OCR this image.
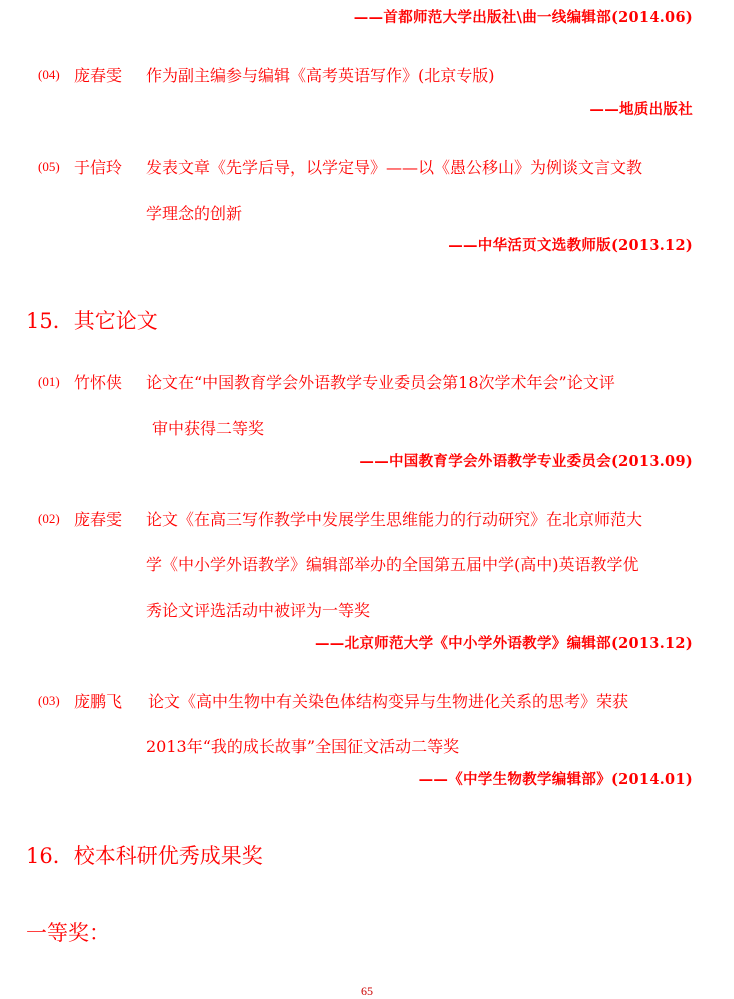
——首都师范大学出版社\曲一线编辑部(2014.06)
(04) 庞春雯 作为副主编参与编辑《高考英语写作》(北京专版)
——地质出版社
(05) 于信玲 发表文章《先学后导，以学定导》——以《愚公移山》为例谈文言文教
学理念的创新
——中华活页文选教师版(2013.12)
15．其它论文
(01) 竹怀侠 论文在“中国教育学会外语教学专业委员会第18次学术年会”论文评
审中获得二等奖
——中国教育学会外语教学专业委员会(2013.09)
(02) 庞春雯 论文《在高三写作教学中发展学生思维能力的行动研究》在北京师范大
学《中小学外语教学》编辑部举办的全国第五届中学(高中)英语教学优
秀论文评选活动中被评为一等奖
——北京师范大学《中小学外语教学》编辑部(2013.12)
(03) 庞鹏飞 论文《高中生物中有关染色体结构变异与生物进化关系的思考》荣获
2013年“我的成长故事”全国征文活动二等奖
——《中学生物教学编辑部》(2014.01)
16．校本科研优秀成果奖
一等奖：
65
